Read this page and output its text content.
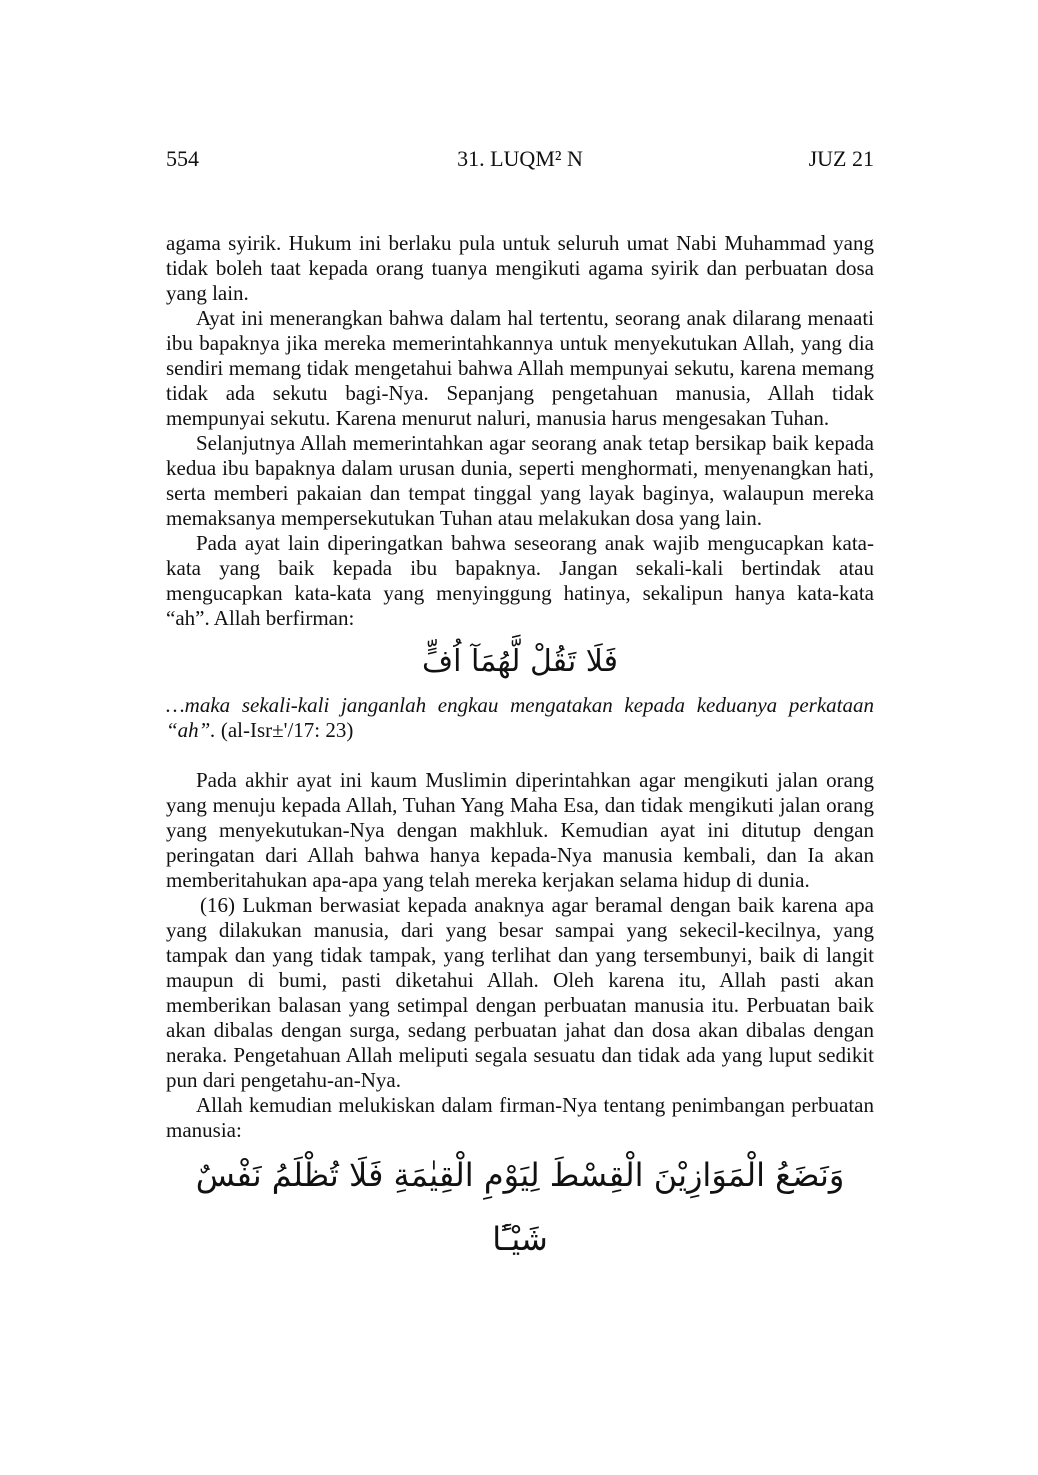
554	31. LUQM² N	JUZ 21

agama syirik. Hukum ini berlaku pula untuk seluruh umat Nabi Muhammad yang tidak boleh taat kepada orang tuanya mengikuti agama syirik dan perbuatan dosa yang lain.

Ayat ini menerangkan bahwa dalam hal tertentu, seorang anak dilarang menaati ibu bapaknya jika mereka memerintahkannya untuk menyekutukan Allah, yang dia sendiri memang tidak mengetahui bahwa Allah mempunyai sekutu, karena memang tidak ada sekutu bagi-Nya. Sepanjang pengetahuan manusia, Allah tidak mempunyai sekutu. Karena menurut naluri, manusia harus mengesakan Tuhan.

Selanjutnya Allah memerintahkan agar seorang anak tetap bersikap baik kepada kedua ibu bapaknya dalam urusan dunia, seperti menghormati, menyenangkan hati, serta memberi pakaian dan tempat tinggal yang layak baginya, walaupun mereka memaksanya mempersekutukan Tuhan atau melakukan dosa yang lain.

Pada ayat lain diperingatkan bahwa seseorang anak wajib mengucapkan kata-kata yang baik kepada ibu bapaknya. Jangan sekali-kali bertindak atau mengucapkan kata-kata yang menyinggung hatinya, sekalipun hanya kata-kata “ah”. Allah berfirman:

فَلَا تَقُلْ لَّهُمَآ اُفٍّ

…maka sekali-kali janganlah engkau mengatakan kepada keduanya perkataan “ah”. (al-Isr±'/17: 23)

Pada akhir ayat ini kaum Muslimin diperintahkan agar mengikuti jalan orang yang menuju kepada Allah, Tuhan Yang Maha Esa, dan tidak mengikuti jalan orang yang menyekutukan-Nya dengan makhluk. Kemudian ayat ini ditutup dengan peringatan dari Allah bahwa hanya kepada-Nya manusia kembali, dan Ia akan memberitahukan apa-apa yang telah mereka kerjakan selama hidup di dunia.

(16) Lukman berwasiat kepada anaknya agar beramal dengan baik karena apa yang dilakukan manusia, dari yang besar sampai yang sekecil-kecilnya, yang tampak dan yang tidak tampak, yang terlihat dan yang tersembunyi, baik di langit maupun di bumi, pasti diketahui Allah. Oleh karena itu, Allah pasti akan memberikan balasan yang setimpal dengan perbuatan manusia itu. Perbuatan baik akan dibalas dengan surga, sedang perbuatan jahat dan dosa akan dibalas dengan neraka. Pengetahuan Allah meliputi segala sesuatu dan tidak ada yang luput sedikit pun dari pengetahu-an-Nya.

Allah kemudian melukiskan dalam firman-Nya tentang penimbangan perbuatan manusia:

وَنَضَعُ الْمَوَازِيْنَ الْقِسْطَ لِيَوْمِ الْقِيٰمَةِ فَلَا تُظْلَمُ نَفْسٌ شَيْـًٔا
